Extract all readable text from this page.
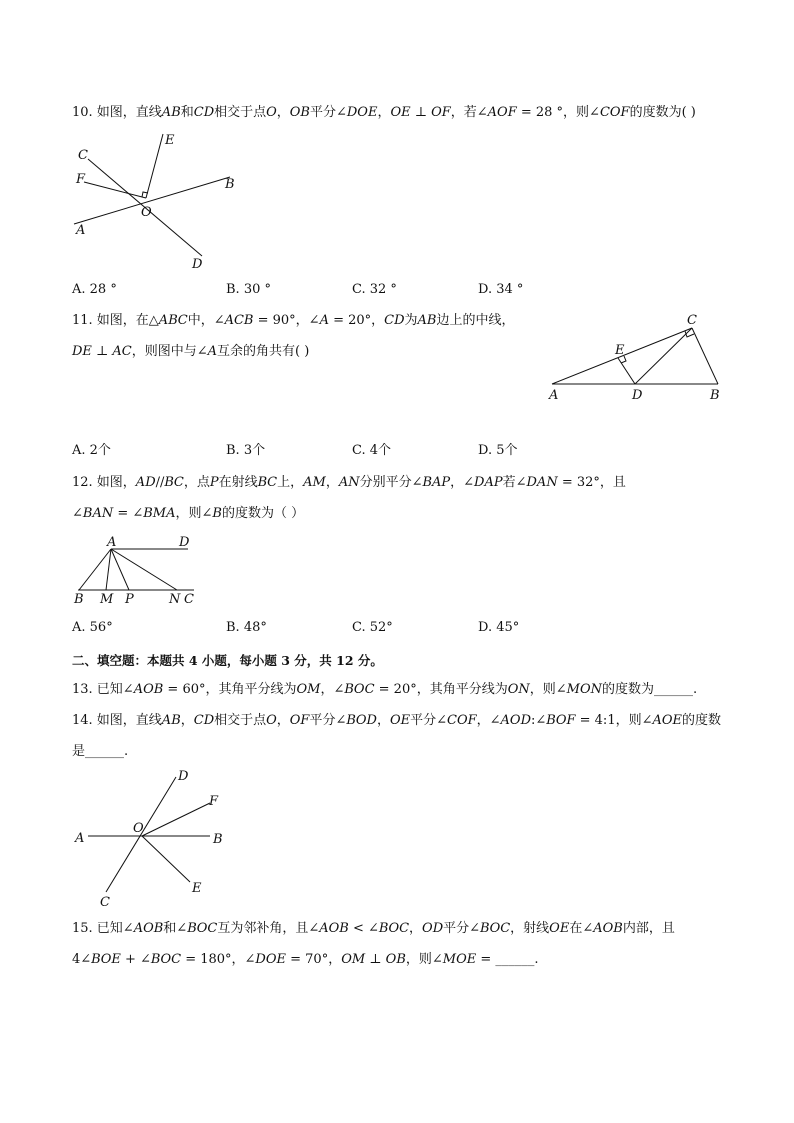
10. 如图，直线𝐴𝐵和𝐶𝐷相交于点𝑂，𝑂𝐵平分∠𝐷𝑂𝐸，𝑂𝐸 ⊥ 𝑂𝐹，若∠𝐴𝑂𝐹 = 28 °，则∠𝐶𝑂𝐹的度数为( )
C
E
F	B
O
A
D
A. 28 °	B. 30 °	C. 32 °	D. 34 °
11. 如图，在△𝐴𝐵𝐶中，∠𝐴𝐶𝐵 = 90°，∠𝐴 = 20°，𝐶𝐷为𝐴𝐵边上的中线，
𝐷𝐸 ⊥ 𝐴𝐶，则图中与∠𝐴互余的角共有( )
C
E
A	D	B
A. 2个	B. 3个	C. 4个	D. 5个
12. 如图，𝐴𝐷//𝐵𝐶，点𝑃在射线𝐵𝐶上，𝐴𝑀，𝐴𝑁分别平分∠𝐵𝐴𝑃，∠𝐷𝐴𝑃若∠𝐷𝐴𝑁 = 32°，且
∠𝐵𝐴𝑁 = ∠𝐵𝑀𝐴，则∠𝐵的度数为（ ）
A	D
B M P	N C
A. 56°	B. 48°	C. 52°	D. 45°
二、填空题：本题共 4 小题，每小题 3 分，共 12 分。
13. 已知∠𝐴𝑂𝐵 = 60°，其角平分线为𝑂𝑀，∠𝐵𝑂𝐶 = 20°，其角平分线为𝑂𝑁，则∠𝑀𝑂𝑁的度数为______.
14. 如图，直线𝐴𝐵，𝐶𝐷相交于点𝑂，𝑂𝐹平分∠𝐵𝑂𝐷，𝑂𝐸平分∠𝐶𝑂𝐹，∠𝐴𝑂𝐷:∠𝐵𝑂𝐹 = 4:1，则∠𝐴𝑂𝐸的度数
是______.
D
F
A
O
B
C
E
15. 已知∠𝐴𝑂𝐵和∠𝐵𝑂𝐶互为邻补角，且∠𝐴𝑂𝐵 < ∠𝐵𝑂𝐶，𝑂𝐷平分∠𝐵𝑂𝐶，射线𝑂𝐸在∠𝐴𝑂𝐵内部，且
4∠𝐵𝑂𝐸 + ∠𝐵𝑂𝐶 = 180°，∠𝐷𝑂𝐸 = 70°，𝑂𝑀 ⊥ 𝑂𝐵，则∠𝑀𝑂𝐸 = ______.
